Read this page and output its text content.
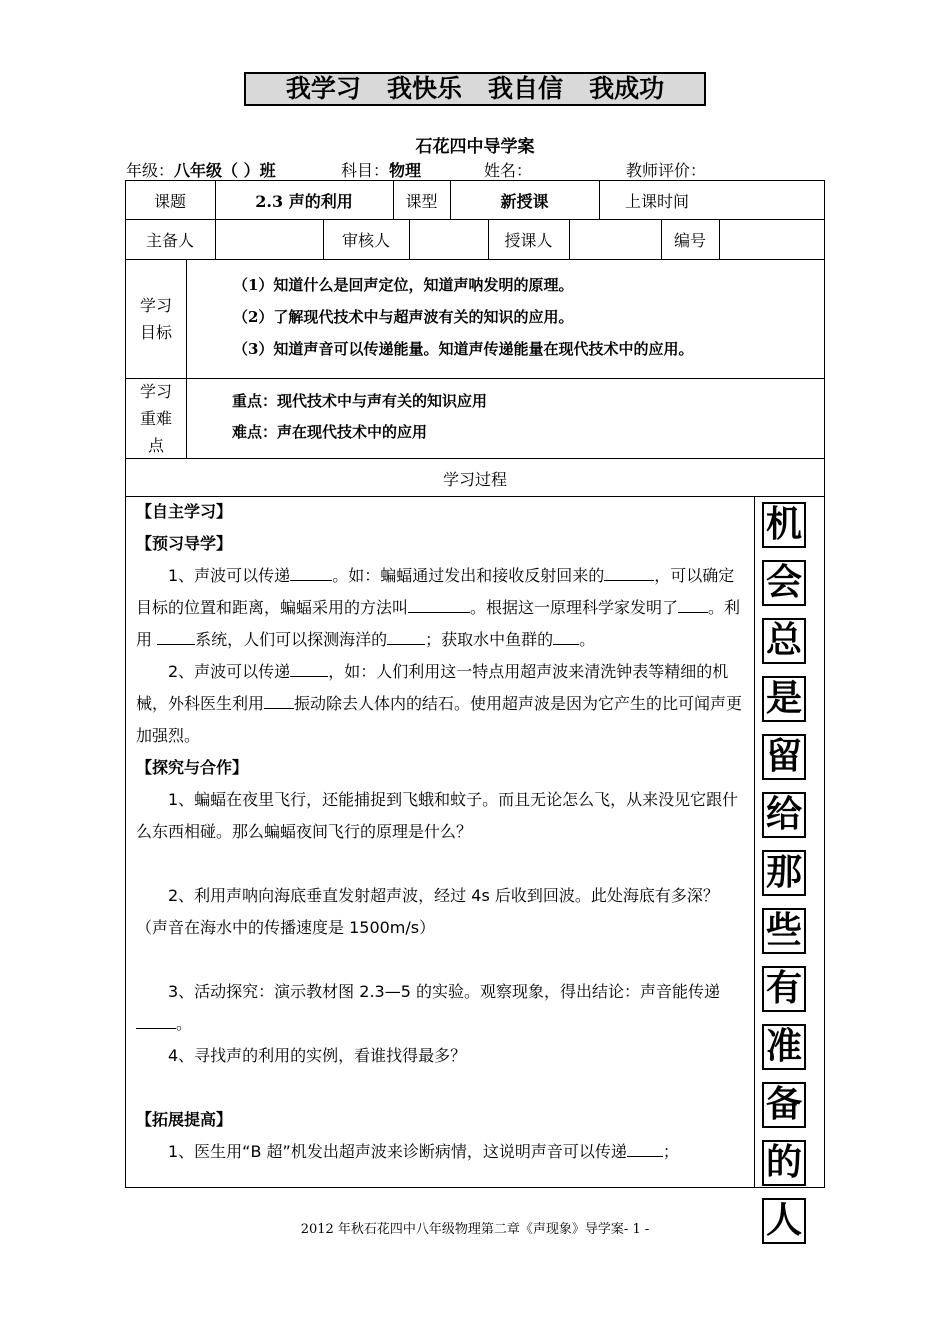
我学习   我快乐   我自信   我成功
石花四中导学案
年级：八年级（ ）班	科目：物理	姓名：	教师评价：
课题	2.3 声的利用	课型	新授课	上课时间
主备人	审核人	授课人	编号
学习目标
（1）知道什么是回声定位，知道声呐发明的原理。
（2）了解现代技术中与超声波有关的知识的应用。
（3）知道声音可以传递能量。知道声传递能量在现代技术中的应用。
学习重难点
重点：现代技术中与声有关的知识应用
难点：声在现代技术中的应用
学习过程
【自主学习】
【预习导学】

1、声波可以传递	。如：蝙蝠通过发出和接收反射回来的	，可以确定目标的位置和距离，蝙蝠采用的方法叫	。根据这一原理科学家发明了 。利用 系统，人们可以探测海洋的 ；获取水中鱼群的 。

2、声波可以传递 ，如：人们利用这一特点用超声波来清洗钟表等精细的机械，外科医生利用 振动除去人体内的结石。使用超声波是因为它产生的比可闻声更加强烈。

【探究与合作】

1、蝙蝠在夜里飞行，还能捕捉到飞蛾和蚊子。而且无论怎么飞，从来没见它跟什么东西相碰。那么蝙蝠夜间飞行的原理是什么？

2、利用声呐向海底垂直发射超声波，经过 4s 后收到回波。此处海底有多深？（声音在海水中的传播速度是 1500m/s）

3、活动探究：演示教材图 2.3—5 的实验。观察现象，得出结论：声音能传递。

4、寻找声的利用的实例，看谁找得最多？

【拓展提高】

1、医生用“B 超”机发出超声波来诊断病情，这说明声音可以传递 ；

机
会
总
是
留
给
那
些
有
准
备
的
人
2012 年秋石花四中八年级物理第二章《声现象》导学案- 1 -
